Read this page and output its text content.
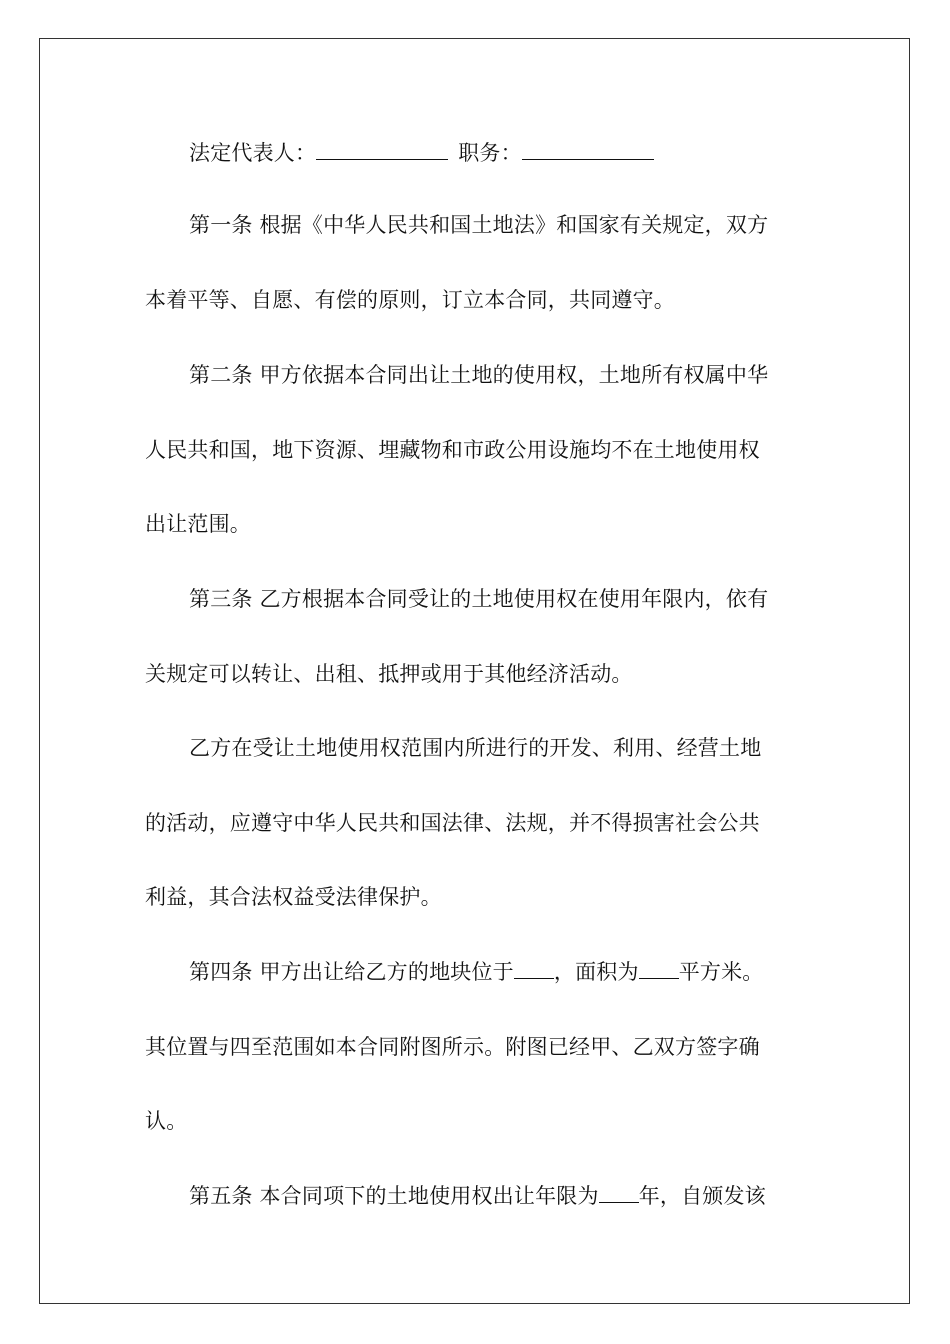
法定代表人：	职务：
第一条 根据《中华人民共和国土地法》和国家有关规定，双方
本着平等、自愿、有偿的原则，订立本合同，共同遵守。
第二条 甲方依据本合同出让土地的使用权，土地所有权属中华
人民共和国，地下资源、埋藏物和市政公用设施均不在土地使用权
出让范围。
第三条 乙方根据本合同受让的土地使用权在使用年限内，依有
关规定可以转让、出租、抵押或用于其他经济活动。
乙方在受让土地使用权范围内所进行的开发、利用、经营土地
的活动，应遵守中华人民共和国法律、法规，并不得损害社会公共
利益，其合法权益受法律保护。
第四条 甲方出让给乙方的地块位于 ，面积为 平方米。
其位置与四至范围如本合同附图所示。附图已经甲、乙双方签字确
认。
第五条 本合同项下的土地使用权出让年限为 年，自颁发该
